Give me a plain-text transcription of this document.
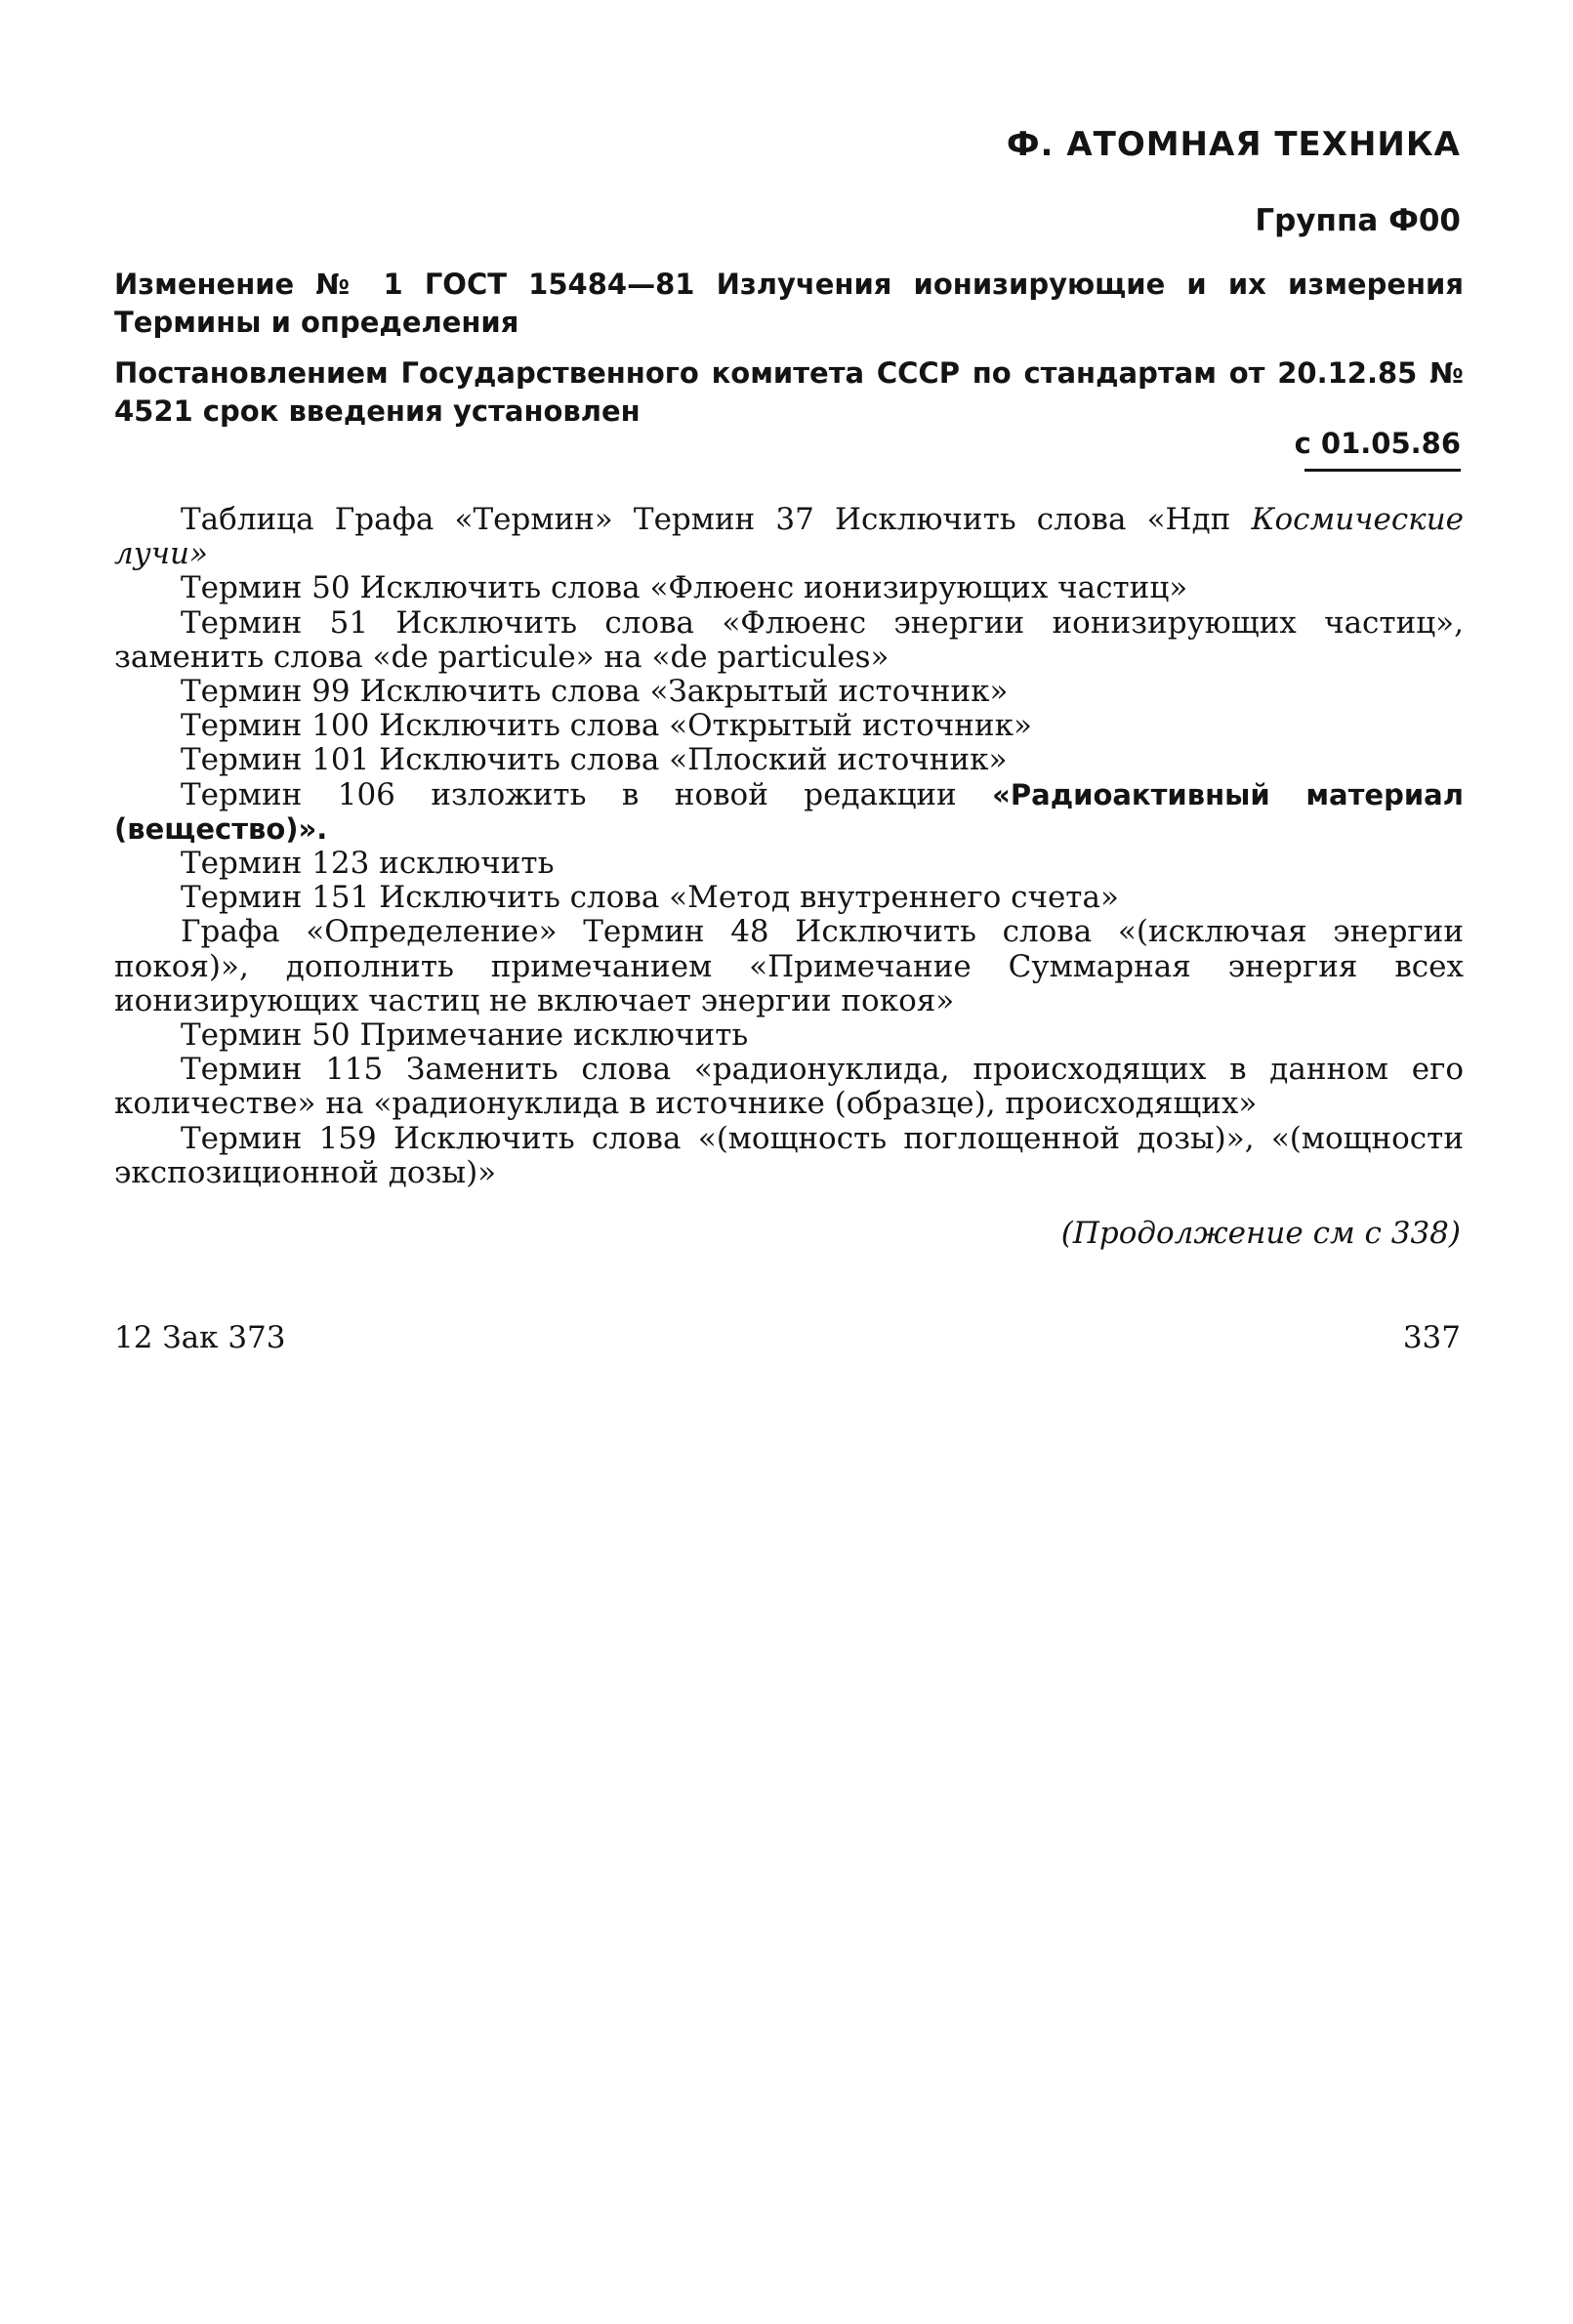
Ф. АТОМНАЯ ТЕХНИКА
Группа Ф00
Изменение № 1 ГОСТ 15484—81 Излучения ионизирующие и их измерения Термины и определения
Постановлением Государственного комитета СССР по стандартам от 20.12.85 № 4521 срок введения установлен
с 01.05.86

Таблица Графа «Термин» Термин 37 Исключить слова «Ндп Космические лучи»

Термин 50 Исключить слова «Флюенс ионизирующих частиц»

Термин 51 Исключить слова «Флюенс энергии ионизирующих частиц», заменить слова «de particule» на «de particules»

Термин 99 Исключить слова «Закрытый источник»

Термин 100 Исключить слова «Открытый источник»

Термин 101 Исключить слова «Плоский источник»

Термин 106 изложить в новой редакции «Радиоактивный материал (вещество)».

Термин 123 исключить

Термин 151 Исключить слова «Метод внутреннего счета»

Графа «Определение» Термин 48 Исключить слова «(исключая энергии покоя)», дополнить примечанием «Примечание Суммарная энергия всех ионизирующих частиц не включает энергии покоя»

Термин 50 Примечание исключить

Термин 115 Заменить слова «радионуклида, происходящих в данном его количестве» на «радионуклида в источнике (образце), происходящих»

Термин 159 Исключить слова «(мощность поглощенной дозы)», «(мощности экспозиционной дозы)»

(Продолжение см с 338)
12 Зак 373	337
